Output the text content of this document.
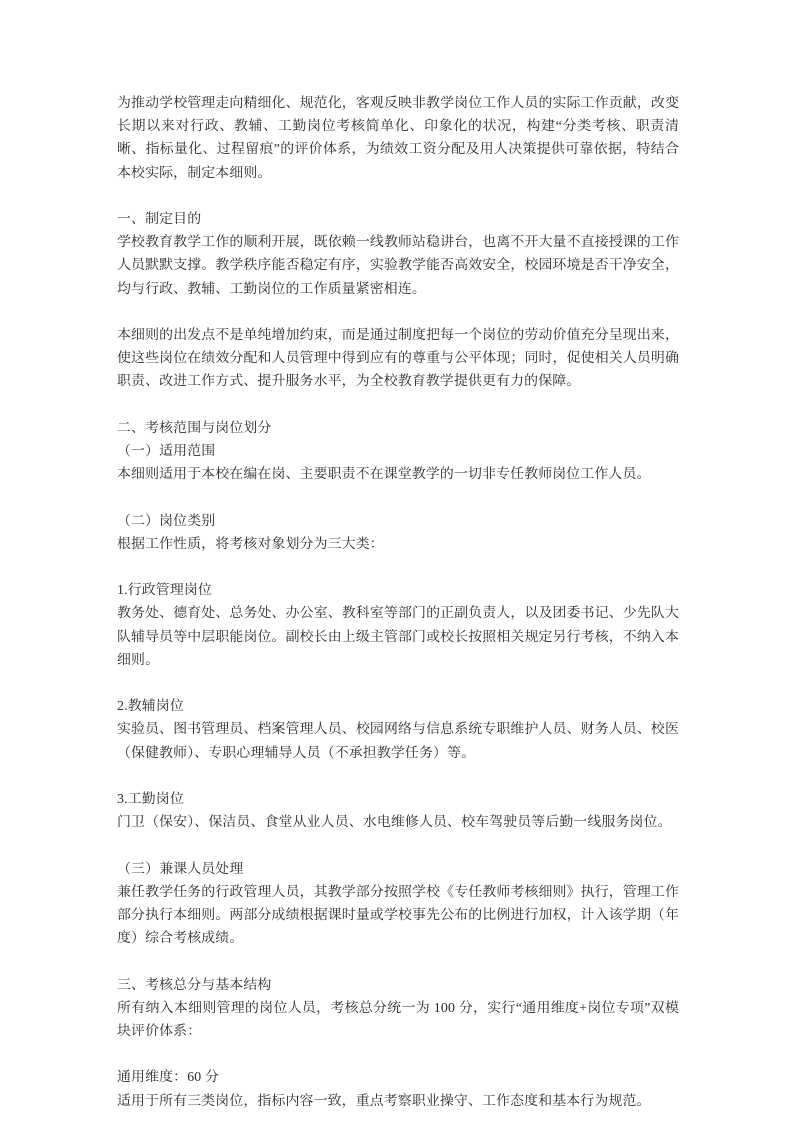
为推动学校管理走向精细化、规范化，客观反映非教学岗位工作人员的实际工作贡献，改变长期以来对行政、教辅、工勤岗位考核简单化、印象化的状况，构建“分类考核、职责清晰、指标量化、过程留痕”的评价体系，为绩效工资分配及用人决策提供可靠依据，特结合本校实际，制定本细则。

一、制定目的

学校教育教学工作的顺利开展，既依赖一线教师站稳讲台，也离不开大量不直接授课的工作人员默默支撑。教学秩序能否稳定有序，实验教学能否高效安全，校园环境是否干净安全，均与行政、教辅、工勤岗位的工作质量紧密相连。

本细则的出发点不是单纯增加约束，而是通过制度把每一个岗位的劳动价值充分呈现出来，使这些岗位在绩效分配和人员管理中得到应有的尊重与公平体现；同时，促使相关人员明确职责、改进工作方式、提升服务水平，为全校教育教学提供更有力的保障。

二、考核范围与岗位划分

（一）适用范围

本细则适用于本校在编在岗、主要职责不在课堂教学的一切非专任教师岗位工作人员。

（二）岗位类别

根据工作性质，将考核对象划分为三大类：

1.行政管理岗位

教务处、德育处、总务处、办公室、教科室等部门的正副负责人，以及团委书记、少先队大队辅导员等中层职能岗位。副校长由上级主管部门或校长按照相关规定另行考核，不纳入本细则。

2.教辅岗位

实验员、图书管理员、档案管理人员、校园网络与信息系统专职维护人员、财务人员、校医（保健教师）、专职心理辅导人员（不承担教学任务）等。

3.工勤岗位

门卫（保安）、保洁员、食堂从业人员、水电维修人员、校车驾驶员等后勤一线服务岗位。

（三）兼课人员处理

兼任教学任务的行政管理人员，其教学部分按照学校《专任教师考核细则》执行，管理工作部分执行本细则。两部分成绩根据课时量或学校事先公布的比例进行加权，计入该学期（年度）综合考核成绩。

三、考核总分与基本结构

所有纳入本细则管理的岗位人员，考核总分统一为 100 分，实行“通用维度+岗位专项”双模块评价体系：

通用维度：60 分

适用于所有三类岗位，指标内容一致，重点考察职业操守、工作态度和基本行为规范。
